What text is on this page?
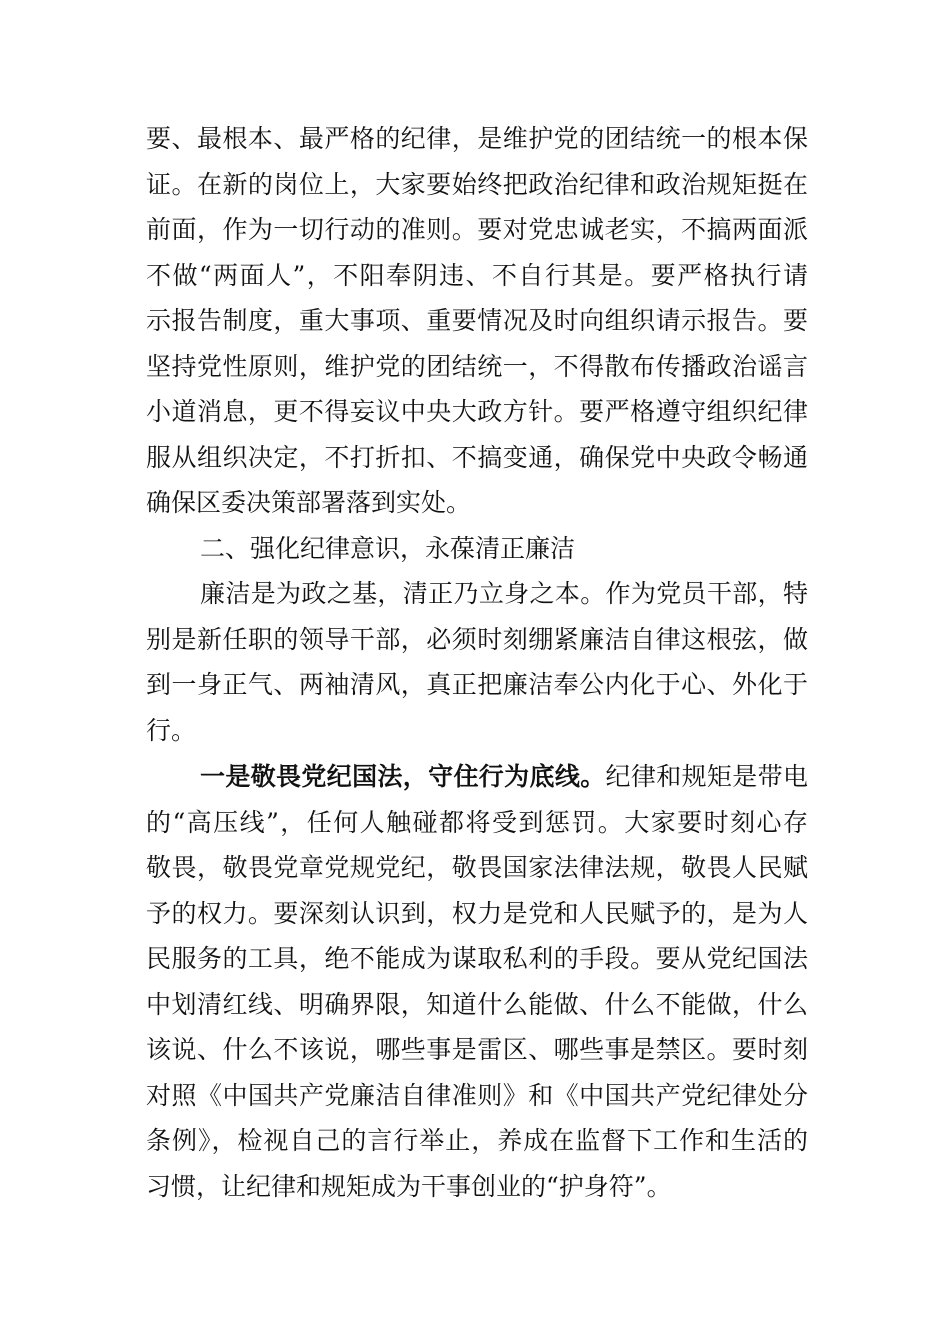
要、最根本、最严格的纪律，是维护党的团结统一的根本保
证。在新的岗位上，大家要始终把政治纪律和政治规矩挺在
前面，作为一切行动的准则。要对党忠诚老实，不搞两面派
不做“两面人”，不阳奉阴违、不自行其是。要严格执行请
示报告制度，重大事项、重要情况及时向组织请示报告。要
坚持党性原则，维护党的团结统一，不得散布传播政治谣言
小道消息，更不得妄议中央大政方针。要严格遵守组织纪律
服从组织决定，不打折扣、不搞变通，确保党中央政令畅通
确保区委决策部署落到实处。
二、强化纪律意识，永葆清正廉洁
廉洁是为政之基，清正乃立身之本。作为党员干部，特
别是新任职的领导干部，必须时刻绷紧廉洁自律这根弦，做
到一身正气、两袖清风，真正把廉洁奉公内化于心、外化于
行。
一是敬畏党纪国法，守住行为底线。纪律和规矩是带电
的“高压线”，任何人触碰都将受到惩罚。大家要时刻心存
敬畏，敬畏党章党规党纪，敬畏国家法律法规，敬畏人民赋
予的权力。要深刻认识到，权力是党和人民赋予的，是为人
民服务的工具，绝不能成为谋取私利的手段。要从党纪国法
中划清红线、明确界限，知道什么能做、什么不能做，什么
该说、什么不该说，哪些事是雷区、哪些事是禁区。要时刻
对照《中国共产党廉洁自律准则》和《中国共产党纪律处分
条例》，检视自己的言行举止，养成在监督下工作和生活的
习惯，让纪律和规矩成为干事创业的“护身符”。
